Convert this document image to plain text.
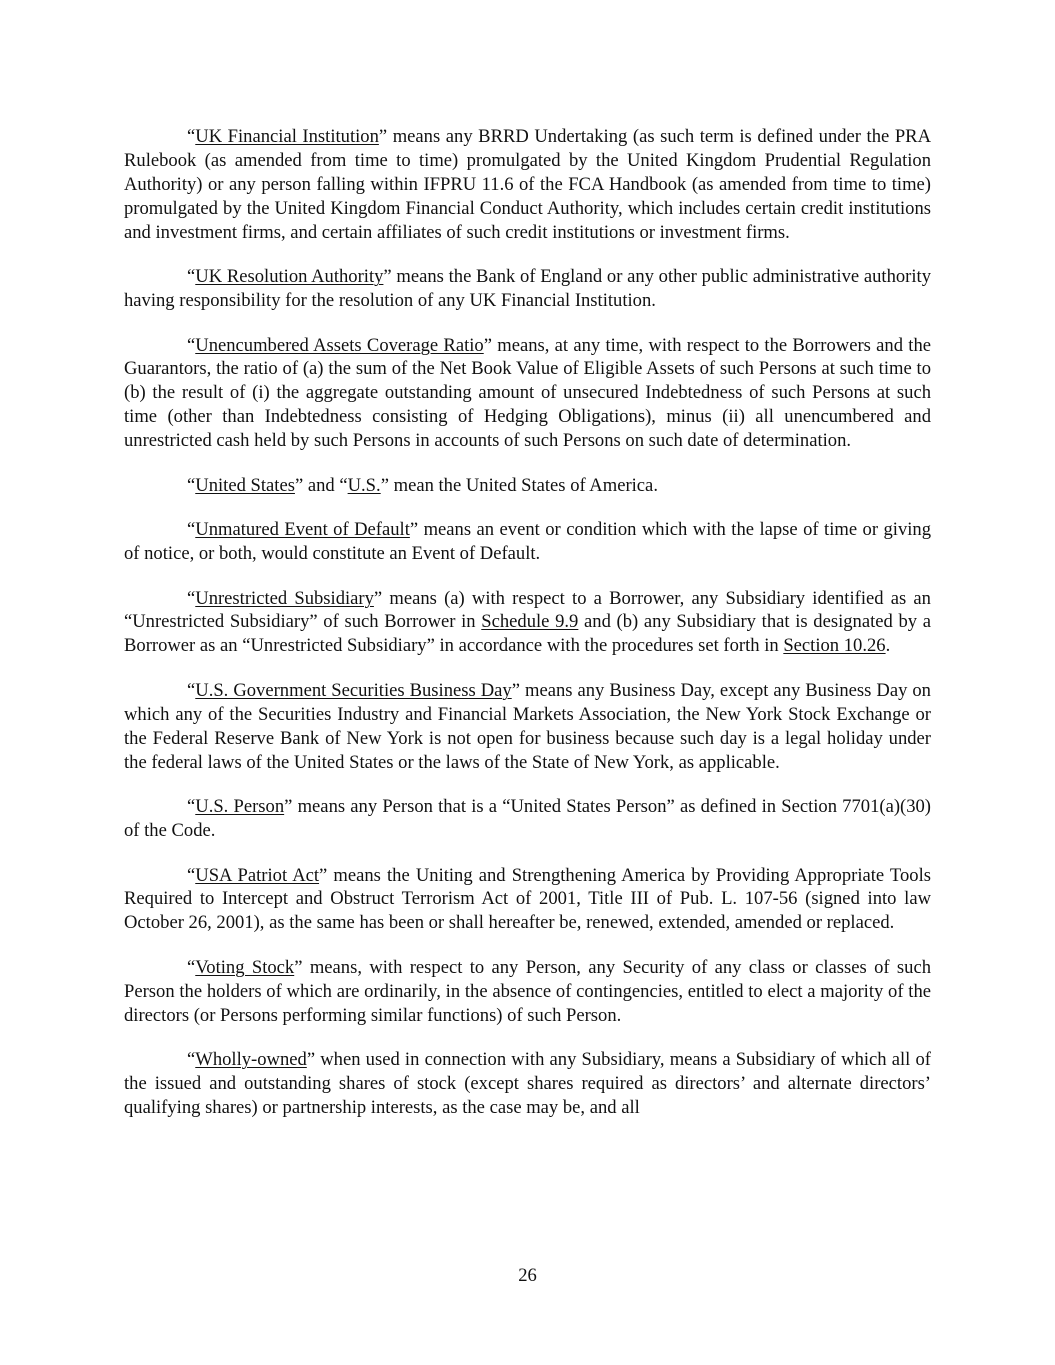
“UK Financial Institution” means any BRRD Undertaking (as such term is defined under the PRA Rulebook (as amended from time to time) promulgated by the United Kingdom Prudential Regulation Authority) or any person falling within IFPRU 11.6 of the FCA Handbook (as amended from time to time) promulgated by the United Kingdom Financial Conduct Authority, which includes certain credit institutions and investment firms, and certain affiliates of such credit institutions or investment firms.

“UK Resolution Authority” means the Bank of England or any other public administrative authority having responsibility for the resolution of any UK Financial Institution.

“Unencumbered Assets Coverage Ratio” means, at any time, with respect to the Borrowers and the Guarantors, the ratio of (a) the sum of the Net Book Value of Eligible Assets of such Persons at such time to (b) the result of (i) the aggregate outstanding amount of unsecured Indebtedness of such Persons at such time (other than Indebtedness consisting of Hedging Obligations), minus (ii) all unencumbered and unrestricted cash held by such Persons in accounts of such Persons on such date of determination.

“United States” and “U.S.” mean the United States of America.

“Unmatured Event of Default” means an event or condition which with the lapse of time or giving of notice, or both, would constitute an Event of Default.

“Unrestricted Subsidiary” means (a) with respect to a Borrower, any Subsidiary identified as an “Unrestricted Subsidiary” of such Borrower in Schedule 9.9 and (b) any Subsidiary that is designated by a Borrower as an “Unrestricted Subsidiary” in accordance with the procedures set forth in Section 10.26.

“U.S. Government Securities Business Day” means any Business Day, except any Business Day on which any of the Securities Industry and Financial Markets Association, the New York Stock Exchange or the Federal Reserve Bank of New York is not open for business because such day is a legal holiday under the federal laws of the United States or the laws of the State of New York, as applicable.

“U.S. Person” means any Person that is a “United States Person” as defined in Section 7701(a)(30) of the Code.

“USA Patriot Act” means the Uniting and Strengthening America by Providing Appropriate Tools Required to Intercept and Obstruct Terrorism Act of 2001, Title III of Pub. L. 107-56 (signed into law October 26, 2001), as the same has been or shall hereafter be, renewed, extended, amended or replaced.

“Voting Stock” means, with respect to any Person, any Security of any class or classes of such Person the holders of which are ordinarily, in the absence of contingencies, entitled to elect a majority of the directors (or Persons performing similar functions) of such Person.

“Wholly-owned” when used in connection with any Subsidiary, means a Subsidiary of which all of the issued and outstanding shares of stock (except shares required as directors’ and alternate directors’ qualifying shares) or partnership interests, as the case may be, and all

26
